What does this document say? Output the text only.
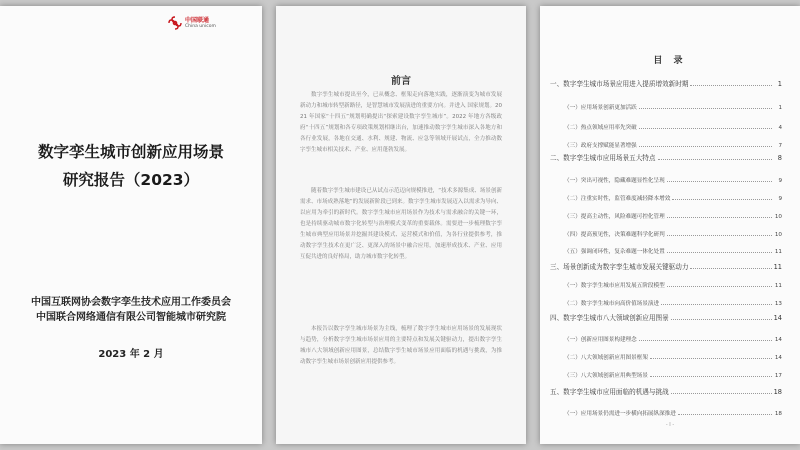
中国联通
China unicom
数字孪生城市创新应用场景
研究报告（2023）
中国互联网协会数字孪生技术应用工作委员会
中国联合网络通信有限公司智能城市研究院
2023 年 2 月
前言

数字孪生城市提出至今，已从概念、框架走向落地实践，逐渐演变为城市发展新动力和城市转型新路径，是智慧城市发展演进的重要方向。并进入 国家规划。2021 年国家“十四五”规划明确提出“探索建设数字孪生城市”。2022 年地方各级政府“十四五”规划和各专项政策规划相继出台，加速推动数字孪生城市深入各地方和各行业发展，各地在交通、水利、规建、物流、应急等领域开展试点，全力推动数字孪生城市相关技术、产业、应用蓬勃发展。

随着数字孪生城市建设已从试点示范迈向规模推进，“技术多源集成、场景创新需求、市场成熟落地”的发展新阶段已到来。数字孪生城市发展迈入以需求为导向、以应用为牵引的新时代。数字孪生城市应用场景作为技术与需求融合的关键一环，也是持续驱动城市数字化转型与治理模式变革的重要载体。需要进一步梳理数字孪生城市典型应用场景并挖掘其建设模式、运营模式和价值，为各行业提供参考，推动数字孪生技术在更广泛、更深入的场景中融合应用，加速形成技术、产业、应用互促共进的良好格局，助力城市数字化转型。

本报告以数字孪生城市场景为主线，梳理了数字孪生城市应用场景的发展现状与趋势，分析数字孪生城市场景应用的主要特点和发展关键驱动力，提出数字孪生城市八大领域创新应用图景，总结数字孪生城市场景应用面临的机遇与挑战，为推动数字孪生城市场景创新应用提供参考。

目 录
一、数字孪生城市场景应用进入提质增效新时期	1
（一）应用场景创新更加活跃	1
（二）热点领域应用率先突破	4
（三）政府支撑赋能显著增强	7
二、数字孪生城市应用场景五大特点	8
（一）突出可视性，隐藏难题显性化呈现	9
（二）注重实时性，监管难度减轻降本增效	9
（三）提高主动性，风险难题可控化管理	10
（四）提高预见性，决策难题科学化研判	10
（五）强调闭环性，复杂难题一体化处置	11
三、场景创新成为数字孪生城市发展关键驱动力	11
（一）数字孪生城市应用发展五阶段模型	11
（二）数字孪生城市向高价值场景演进	13
四、数字孪生城市八大领域创新应用图景	14
（一）创新应用图景构建理念	14
（二）八大领域创新应用图景框架	14
（三）八大领域创新应用典型场景	17
五、数字孪生城市应用面临的机遇与挑战	18
（一）应用场景仍需进一步横向拓展纵深推进	18
- I -
